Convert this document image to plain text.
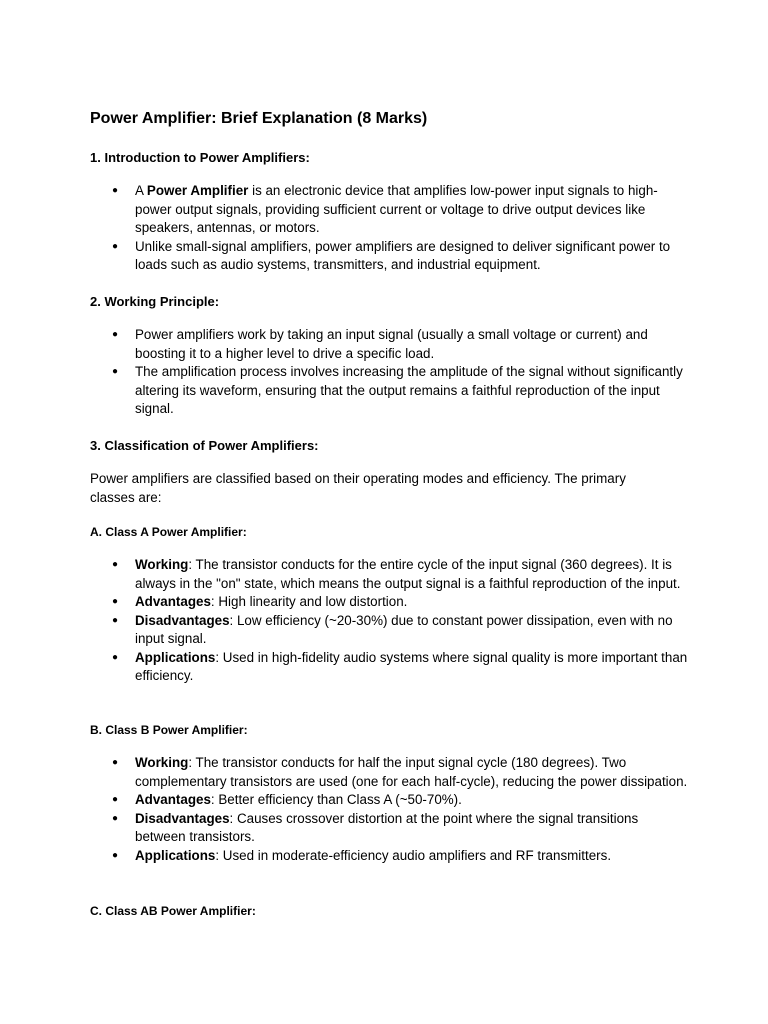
Power Amplifier: Brief Explanation (8 Marks)
1. Introduction to Power Amplifiers:
● A Power Amplifier is an electronic device that amplifies low-power input signals to high-power output signals, providing sufficient current or voltage to drive output devices like speakers, antennas, or motors.
● Unlike small-signal amplifiers, power amplifiers are designed to deliver significant power to loads such as audio systems, transmitters, and industrial equipment.
2. Working Principle:
● Power amplifiers work by taking an input signal (usually a small voltage or current) and boosting it to a higher level to drive a specific load.
● The amplification process involves increasing the amplitude of the signal without significantly altering its waveform, ensuring that the output remains a faithful reproduction of the input signal.
3. Classification of Power Amplifiers:

Power amplifiers are classified based on their operating modes and efficiency. The primary classes are:

A. Class A Power Amplifier:
● Working: The transistor conducts for the entire cycle of the input signal (360 degrees). It is always in the "on" state, which means the output signal is a faithful reproduction of the input.
● Advantages: High linearity and low distortion.
● Disadvantages: Low efficiency (~20-30%) due to constant power dissipation, even with no input signal.
● Applications: Used in high-fidelity audio systems where signal quality is more important than efficiency.
B. Class B Power Amplifier:
● Working: The transistor conducts for half the input signal cycle (180 degrees). Two complementary transistors are used (one for each half-cycle), reducing the power dissipation.
● Advantages: Better efficiency than Class A (~50-70%).
● Disadvantages: Causes crossover distortion at the point where the signal transitions between transistors.
● Applications: Used in moderate-efficiency audio amplifiers and RF transmitters.
C. Class AB Power Amplifier:
